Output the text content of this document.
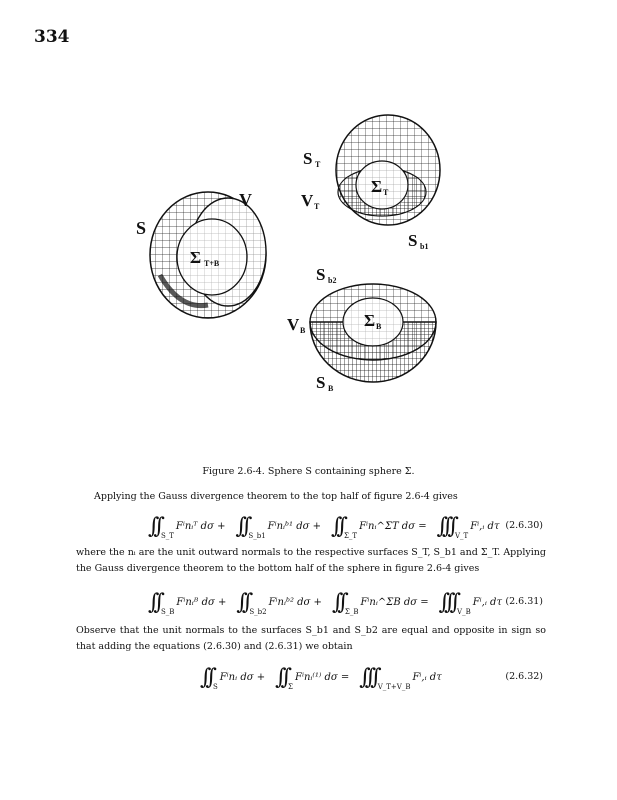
334
S
V
Σ T+B
S T
V T
Σ T
S b1
S b2
V B
Σ B
S B
Figure 2.6-4. Sphere S containing sphere Σ.
Applying the Gauss divergence theorem to the top half of figure 2.6-4 gives
∫∫ S_T
Fⁱnᵢᵀ dσ + ∫∫ S_b1
Fⁱnᵢᵇ¹ dσ + ∫∫ Σ_T
Fⁱnᵢ^ΣT dσ = ∫∫∫ V_T
Fⁱ,ᵢ dτ (2.6.30)
where the nᵢ are the unit outward normals to the respective surfaces S_T, S_b1 and Σ_T. Applying the Gauss divergence theorem to the bottom half of the sphere in figure 2.6-4 gives
∫∫ S_B
Fⁱnᵢᴮ dσ + ∫∫ S_b2
Fⁱnᵢᵇ² dσ + ∫∫ Σ_B
Fⁱnᵢ^ΣB dσ = ∫∫∫ V_B
Fⁱ,ᵢ dτ (2.6.31)
Observe that the unit normals to the surfaces S_b1 and S_b2 are equal and opposite in sign so that adding the equations (2.6.30) and (2.6.31) we obtain
∫∫ S
Fⁱnᵢ dσ + ∫∫ Σ
Fⁱnᵢ⁽¹⁾ dσ = ∫∫∫ V_T+V_B
Fⁱ,ᵢ dτ	(2.6.32)
